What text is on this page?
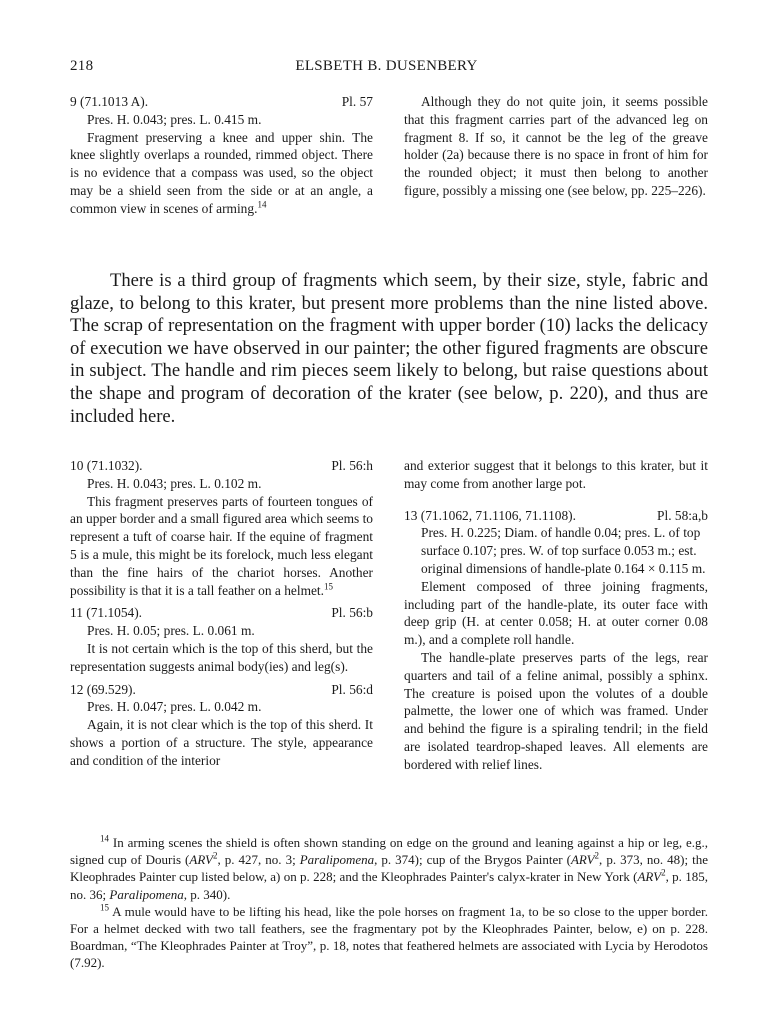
218	ELSBETH B. DUSENBERY
9 (71.1013 A).	Pl. 57

Pres. H. 0.043; pres. L. 0.415 m.

Fragment preserving a knee and upper shin. The knee slightly overlaps a rounded, rimmed object. There is no evidence that a compass was used, so the object may be a shield seen from the side or at an angle, a common view in scenes of arming.$^{14}$

Although they do not quite join, it seems possible that this fragment carries part of the advanced leg on fragment 8. If so, it cannot be the leg of the greave holder (2a) because there is no space in front of him for the rounded object; it must then belong to another figure, possibly a missing one (see below, pp. 225–226).

There is a third group of fragments which seem, by their size, style, fabric and glaze, to belong to this krater, but present more problems than the nine listed above. The scrap of representation on the fragment with upper border (10) lacks the delicacy of execution we have observed in our painter; the other figured fragments are obscure in subject. The handle and rim pieces seem likely to belong, but raise questions about the shape and program of decoration of the krater (see below, p. 220), and thus are included here.
10 (71.1032).	Pl. 56:h

Pres. H. 0.043; pres. L. 0.102 m.

This fragment preserves parts of fourteen tongues of an upper border and a small figured area which seems to represent a tuft of coarse hair. If the equine of fragment 5 is a mule, this might be its forelock, much less elegant than the fine hairs of the chariot horses. Another possibility is that it is a tall feather on a helmet.$^{15}$

11 (71.1054).	Pl. 56:b

Pres. H. 0.05; pres. L. 0.061 m.

It is not certain which is the top of this sherd, but the representation suggests animal body(ies) and leg(s).

12 (69.529).	Pl. 56:d

Pres. H. 0.047; pres. L. 0.042 m.

Again, it is not clear which is the top of this sherd. It shows a portion of a structure. The style, appearance and condition of the interior

and exterior suggest that it belongs to this krater, but it may come from another large pot.

13 (71.1062, 71.1106, 71.1108).	Pl. 58:a,b

Pres. H. 0.225; Diam. of handle 0.04; pres. L. of top surface 0.107; pres. W. of top surface 0.053 m.; est. original dimensions of handle-plate 0.164 × 0.115 m.

Element composed of three joining fragments, including part of the handle-plate, its outer face with deep grip (H. at center 0.058; H. at outer corner 0.08 m.), and a complete roll handle.

The handle-plate preserves parts of the legs, rear quarters and tail of a feline animal, possibly a sphinx. The creature is poised upon the volutes of a double palmette, the lower one of which was framed. Under and behind the figure is a spiraling tendril; in the field are isolated teardrop-shaped leaves. All elements are bordered with relief lines.

$^{14}$ In arming scenes the shield is often shown standing on edge on the ground and leaning against a hip or leg, e.g., signed cup of Douris (ARV$^2$, p. 427, no. 3; Paralipomena, p. 374); cup of the Brygos Painter (ARV$^2$, p. 373, no. 48); the Kleophrades Painter cup listed below, a) on p. 228; and the Kleophrades Painter's calyx-krater in New York (ARV$^2$, p. 185, no. 36; Paralipomena, p. 340).

$^{15}$ A mule would have to be lifting his head, like the pole horses on fragment 1a, to be so close to the upper border. For a helmet decked with two tall feathers, see the fragmentary pot by the Kleophrades Painter, below, e) on p. 228. Boardman, “The Kleophrades Painter at Troy”, p. 18, notes that feathered helmets are associated with Lycia by Herodotos (7.92).
